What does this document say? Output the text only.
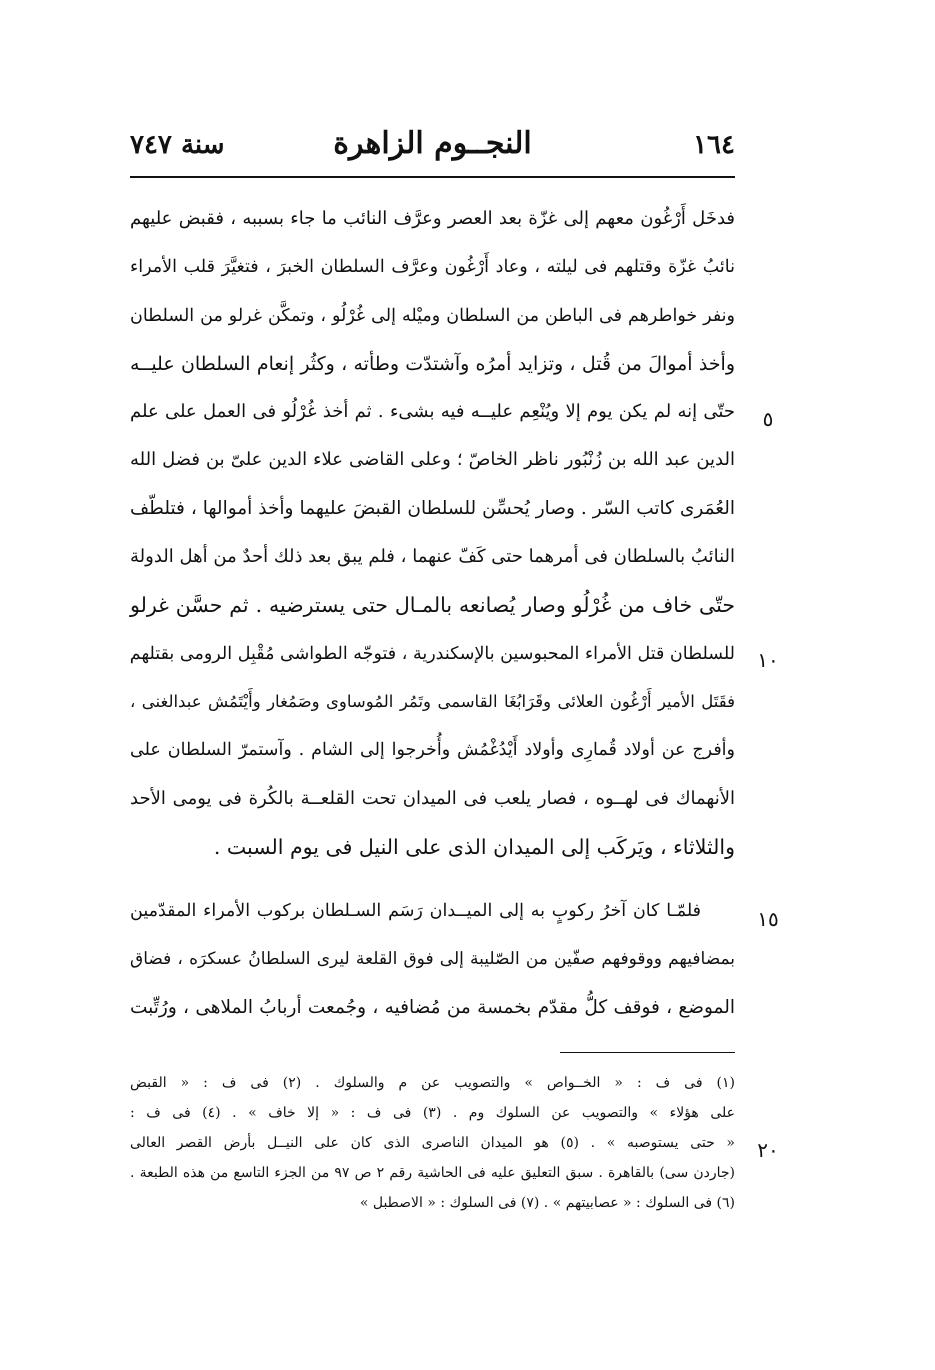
١٦٤
النجــوم الزاهرة
سنة ٧٤٧
٥
١٠
١٥
٢٠
فدخَل أَرْغُون معهم إلى غزّة بعد العصر وعرَّف النائب ما جاء بسببه ، فقبض عليهم
نائبُ غزّة وقتلهم فى ليلته ، وعاد أَرْغُون وعرَّف السلطان الخبرَ ، فتغيَّرَ قلب الأمراء
ونفر خواطرهم فى الباطن من السلطان وميْله إلى غُرْلُو ، وتمكَّن غرلو من السلطان
وأخذ أموالَ من قُتل ، وتزايد أمرُه وآشتدّت وطأته ، وكثُر إنعام السلطان عليــه
حتّى إنه لم يكن يوم إلا ويُنْعِم عليــه فيه بشىء . ثم أخذ غُرْلُو فى العمل على علم
الدين عبد الله بن زُنْبُور ناظر الخاصّ ؛ وعلى القاضى علاء الدين علىّ بن فضل الله
العُمَرى كاتب السّر . وصار يُحسِّن للسلطان القبضَ عليهما وأخذ أموالها ، فتلطّف
النائبُ بالسلطان فى أمرهما حتى كَفّ عنهما ، فلم يبق بعد ذلك أحدٌ من أهل الدولة
حتّى خاف من غُرْلُو وصار يُصانعه بالمـال حتى يسترضيه . ثم حسَّن غرلو
للسلطان قتل الأمراء المحبوسين بالإسكندرية ، فتوجّه الطواشى مُقْبِل الرومى بقتلهم
فقَتَل الأمير أَرْغُون العلائى وقَرَابُغَا القاسمى وتَمُر المُوساوى وصَمُغار وأَيْتَمُش عبدالغنى ،
وأفرج عن أولاد قُمارِى وأولاد أَيْدُغْمُش وأُخرجوا إلى الشام . وآستمرّ السلطان على
الأنهماك فى لهــوه ، فصار يلعب فى الميدان تحت القلعــة بالكُرة فى يومى الأحد
والثلاثاء ، ويَركَب إلى الميدان الذى على النيل فى يوم السبت .
فلمّـا كان آخرُ ركوبٍ به إلى الميــدان رَسَم السـلطان بركوب الأمراء المقدّمين
بمضافيهم ووقوفهم صفّين من الصّليبة إلى فوق القلعة ليرى السلطانُ عسكرَه ، فضاق
الموضع ، فوقف كلُّ مقدّم بخمسة من مُضافيه ، وجُمعت أربابُ الملاهى ، ورُتِّبت
(١) فى ف : « الخــواص » والتصويب عن م والسلوك . (٢) فى ف : « القبض
على هؤلاء » والتصويب عن السلوك وم . (٣) فى ف : « إلا خاف » . (٤) فى ف :
« حتى يستوصبه » . (٥) هو الميدان الناصرى الذى كان على النيــل بأرض القصر العالى
(جاردن سى) بالقاهرة . سبق التعليق عليه فى الحاشية رقم ٢ ص ٩٧ من الجزء التاسع من هذه الطبعة .
(٦) فى السلوك : « عصابيتهم » . (٧) فى السلوك : « الاصطبل »
